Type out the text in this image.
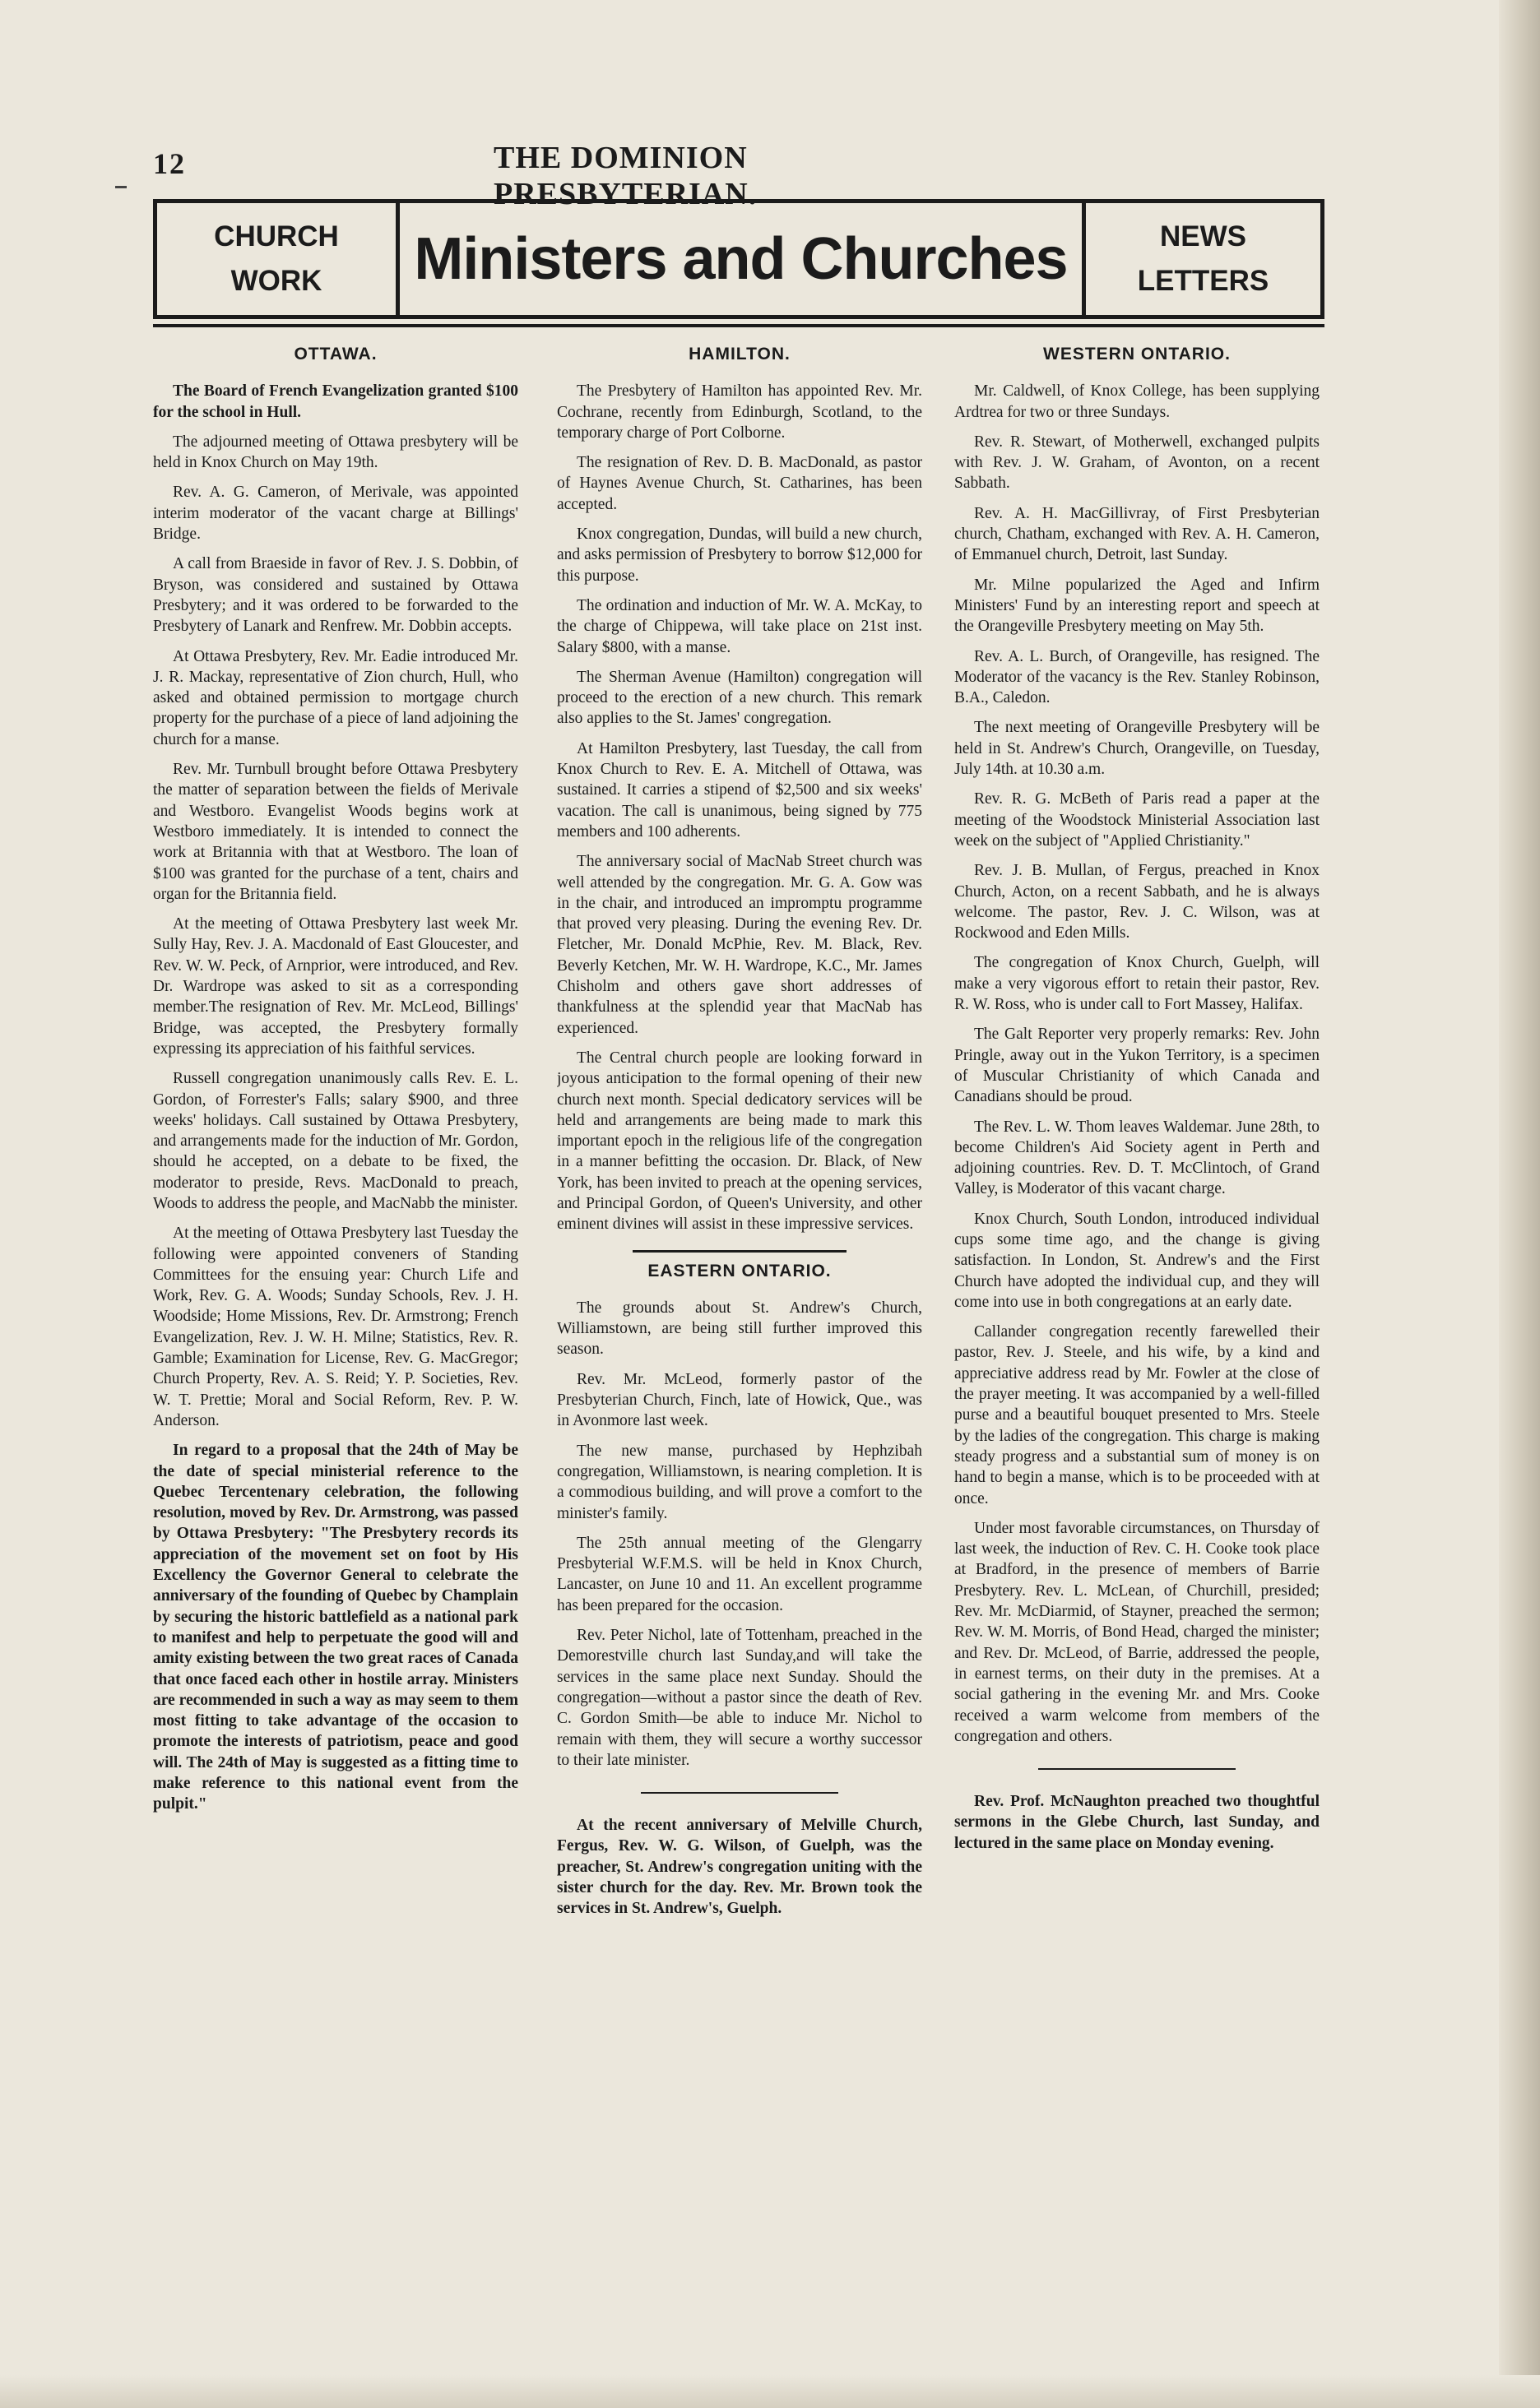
12	THE DOMINION PRESBYTERIAN.
CHURCH
WORK Ministers and Churches	NEWS
LETTERS
OTTAWA.

The Board of French Evangelization granted $100 for the school in Hull.

The adjourned meeting of Ottawa presbytery will be held in Knox Church on May 19th.

Rev. A. G. Cameron, of Merivale, was appointed interim moderator of the vacant charge at Billings' Bridge.

A call from Braeside in favor of Rev. J. S. Dobbin, of Bryson, was considered and sustained by Ottawa Presbytery; and it was ordered to be forwarded to the Presbytery of Lanark and Renfrew. Mr. Dobbin accepts.

At Ottawa Presbytery, Rev. Mr. Eadie introduced Mr. J. R. Mackay, representative of Zion church, Hull, who asked and obtained permission to mortgage church property for the purchase of a piece of land adjoining the church for a manse.

Rev. Mr. Turnbull brought before Ottawa Presbytery the matter of separation between the fields of Merivale and Westboro. Evangelist Woods begins work at Westboro immediately. It is intended to connect the work at Britannia with that at Westboro. The loan of $100 was granted for the purchase of a tent, chairs and organ for the Britannia field.

At the meeting of Ottawa Presbytery last week Mr. Sully Hay, Rev. J. A. Macdonald of East Gloucester, and Rev. W. W. Peck, of Arnprior, were introduced, and Rev. Dr. Wardrope was asked to sit as a corresponding member.The resignation of Rev. Mr. McLeod, Billings' Bridge, was accepted, the Presbytery formally expressing its appreciation of his faithful services.

Russell congregation unanimously calls Rev. E. L. Gordon, of Forrester's Falls; salary $900, and three weeks' holidays. Call sustained by Ottawa Presbytery, and arrangements made for the induction of Mr. Gordon, should he accepted, on a debate to be fixed, the moderator to preside, Revs. MacDonald to preach, Woods to address the people, and MacNabb the minister.

At the meeting of Ottawa Presbytery last Tuesday the following were appointed conveners of Standing Committees for the ensuing year: Church Life and Work, Rev. G. A. Woods; Sunday Schools, Rev. J. H. Woodside; Home Missions, Rev. Dr. Armstrong; French Evangelization, Rev. J. W. H. Milne; Statistics, Rev. R. Gamble; Examination for License, Rev. G. MacGregor; Church Property, Rev. A. S. Reid; Y. P. Societies, Rev. W. T. Prettie; Moral and Social Reform, Rev. P. W. Anderson.

In regard to a proposal that the 24th of May be the date of special ministerial reference to the Quebec Tercentenary celebration, the following resolution, moved by Rev. Dr. Armstrong, was passed by Ottawa Presbytery: "The Presbytery records its appreciation of the movement set on foot by His Excellency the Governor General to celebrate the anniversary of the founding of Quebec by Champlain by securing the historic battlefield as a national park to manifest and help to perpetuate the good will and amity existing between the two great races of Canada that once faced each other in hostile array. Ministers are recommended in such a way as may seem to them most fitting to take advantage of the occasion to promote the interests of patriotism, peace and good will. The 24th of May is suggested as a fitting time to make reference to this national event from the pulpit."

HAMILTON.

The Presbytery of Hamilton has appointed Rev. Mr. Cochrane, recently from Edinburgh, Scotland, to the temporary charge of Port Colborne.

The resignation of Rev. D. B. MacDonald, as pastor of Haynes Avenue Church, St. Catharines, has been accepted.

Knox congregation, Dundas, will build a new church, and asks permission of Presbytery to borrow $12,000 for this purpose.

The ordination and induction of Mr. W. A. McKay, to the charge of Chippewa, will take place on 21st inst. Salary $800, with a manse.

The Sherman Avenue (Hamilton) congregation will proceed to the erection of a new church. This remark also applies to the St. James' congregation.

At Hamilton Presbytery, last Tuesday, the call from Knox Church to Rev. E. A. Mitchell of Ottawa, was sustained. It carries a stipend of $2,500 and six weeks' vacation. The call is unanimous, being signed by 775 members and 100 adherents.

The anniversary social of MacNab Street church was well attended by the congregation. Mr. G. A. Gow was in the chair, and introduced an impromptu programme that proved very pleasing. During the evening Rev. Dr. Fletcher, Mr. Donald McPhie, Rev. M. Black, Rev. Beverly Ketchen, Mr. W. H. Wardrope, K.C., Mr. James Chisholm and others gave short addresses of thankfulness at the splendid year that MacNab has experienced.

The Central church people are looking forward in joyous anticipation to the formal opening of their new church next month. Special dedicatory services will be held and arrangements are being made to mark this important epoch in the religious life of the congregation in a manner befitting the occasion. Dr. Black, of New York, has been invited to preach at the opening services, and Principal Gordon, of Queen's University, and other eminent divines will assist in these impressive services.

EASTERN ONTARIO.

The grounds about St. Andrew's Church, Williamstown, are being still further improved this season.

Rev. Mr. McLeod, formerly pastor of the Presbyterian Church, Finch, late of Howick, Que., was in Avonmore last week.

The new manse, purchased by Hephzibah congregation, Williamstown, is nearing completion. It is a commodious building, and will prove a comfort to the minister's family.

The 25th annual meeting of the Glengarry Presbyterial W.F.M.S. will be held in Knox Church, Lancaster, on June 10 and 11. An excellent programme has been prepared for the occasion.

Rev. Peter Nichol, late of Tottenham, preached in the Demorestville church last Sunday,and will take the services in the same place next Sunday. Should the congregation—without a pastor since the death of Rev. C. Gordon Smith—be able to induce Mr. Nichol to remain with them, they will secure a worthy successor to their late minister.

At the recent anniversary of Melville Church, Fergus, Rev. W. G. Wilson, of Guelph, was the preacher, St. Andrew's congregation uniting with the sister church for the day. Rev. Mr. Brown took the services in St. Andrew's, Guelph.

WESTERN ONTARIO.

Mr. Caldwell, of Knox College, has been supplying Ardtrea for two or three Sundays.

Rev. R. Stewart, of Motherwell, exchanged pulpits with Rev. J. W. Graham, of Avonton, on a recent Sabbath.

Rev. A. H. MacGillivray, of First Presbyterian church, Chatham, exchanged with Rev. A. H. Cameron, of Emmanuel church, Detroit, last Sunday.

Mr. Milne popularized the Aged and Infirm Ministers' Fund by an interesting report and speech at the Orangeville Presbytery meeting on May 5th.

Rev. A. L. Burch, of Orangeville, has resigned. The Moderator of the vacancy is the Rev. Stanley Robinson, B.A., Caledon.

The next meeting of Orangeville Presbytery will be held in St. Andrew's Church, Orangeville, on Tuesday, July 14th. at 10.30 a.m.

Rev. R. G. McBeth of Paris read a paper at the meeting of the Woodstock Ministerial Association last week on the subject of "Applied Christianity."

Rev. J. B. Mullan, of Fergus, preached in Knox Church, Acton, on a recent Sabbath, and he is always welcome. The pastor, Rev. J. C. Wilson, was at Rockwood and Eden Mills.

The congregation of Knox Church, Guelph, will make a very vigorous effort to retain their pastor, Rev. R. W. Ross, who is under call to Fort Massey, Halifax.

The Galt Reporter very properly remarks: Rev. John Pringle, away out in the Yukon Territory, is a specimen of Muscular Christianity of which Canada and Canadians should be proud.

The Rev. L. W. Thom leaves Waldemar. June 28th, to become Children's Aid Society agent in Perth and adjoining countries. Rev. D. T. McClintoch, of Grand Valley, is Moderator of this vacant charge.

Knox Church, South London, introduced individual cups some time ago, and the change is giving satisfaction. In London, St. Andrew's and the First Church have adopted the individual cup, and they will come into use in both congregations at an early date.

Callander congregation recently farewelled their pastor, Rev. J. Steele, and his wife, by a kind and appreciative address read by Mr. Fowler at the close of the prayer meeting. It was accompanied by a well-filled purse and a beautiful bouquet presented to Mrs. Steele by the ladies of the congregation. This charge is making steady progress and a substantial sum of money is on hand to begin a manse, which is to be proceeded with at once.

Under most favorable circumstances, on Thursday of last week, the induction of Rev. C. H. Cooke took place at Bradford, in the presence of members of Barrie Presbytery. Rev. L. McLean, of Churchill, presided; Rev. Mr. McDiarmid, of Stayner, preached the sermon; Rev. W. M. Morris, of Bond Head, charged the minister; and Rev. Dr. McLeod, of Barrie, addressed the people, in earnest terms, on their duty in the premises. At a social gathering in the evening Mr. and Mrs. Cooke received a warm welcome from members of the congregation and others.

Rev. Prof. McNaughton preached two thoughtful sermons in the Glebe Church, last Sunday, and lectured in the same place on Monday evening.
